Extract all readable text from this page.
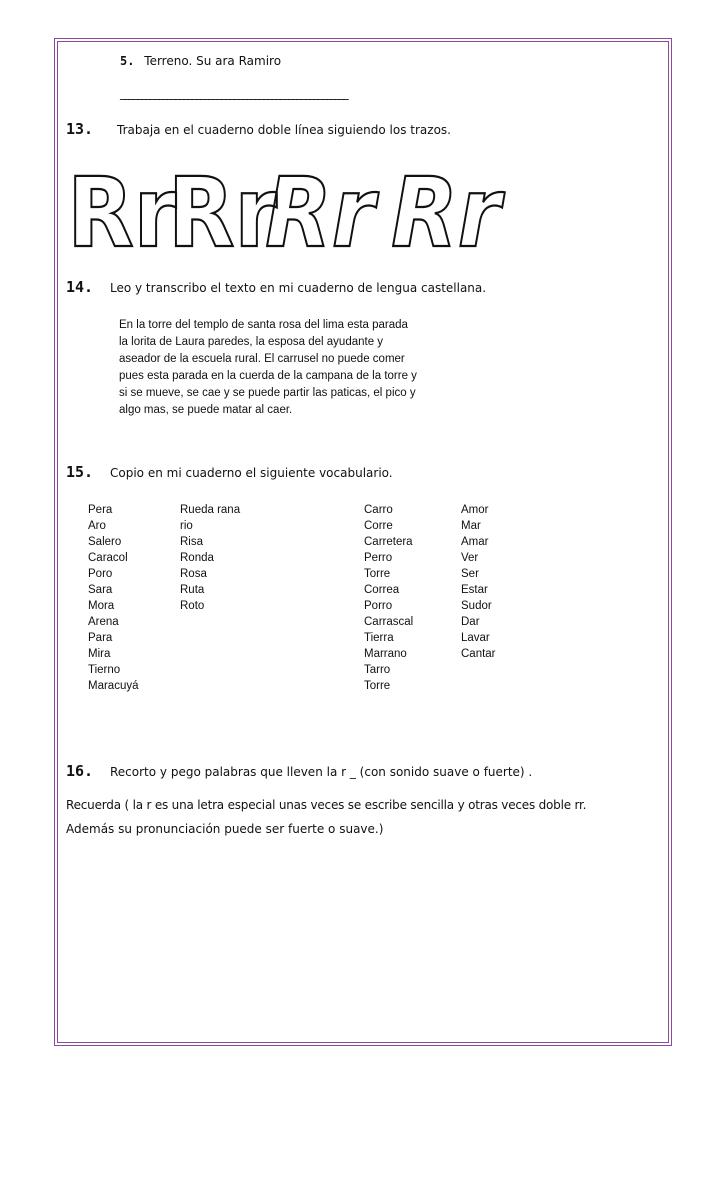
5. Terreno. Su ara Ramiro
______________________________________________________
13. Trabaja en el cuaderno doble línea siguiendo los trazos.
Rr
Rr
Rr Rr
14. Leo y transcribo el texto en mi cuaderno de lengua castellana.
En la torre del templo de santa rosa del lima esta parada
la lorita de Laura paredes, la esposa del ayudante y
aseador de la escuela rural. El carrusel no puede comer
pues esta parada en la cuerda de la campana de la torre y
si se mueve, se cae y se puede partir las paticas, el pico y
algo mas, se puede matar al caer.
15. Copio en mi cuaderno el siguiente vocabulario.
Pera
Aro
Salero
Caracol
Poro
Sara
Mora
Arena
Para
Mira
Tierno
Maracuyá
Rueda rana
rio
Risa
Ronda
Rosa
Ruta
Roto
Carro
Corre
Carretera
Perro
Torre
Correa
Porro
Carrascal
Tierra
Marrano
Tarro
Torre
Amor
Mar
Amar
Ver
Ser
Estar
Sudor
Dar
Lavar
Cantar
16. Recorto y pego palabras que lleven la r _ (con sonido suave o fuerte) .
Recuerda ( la r es una letra especial unas veces se escribe sencilla y otras veces doble rr.
Además su pronunciación puede ser fuerte o suave.)
